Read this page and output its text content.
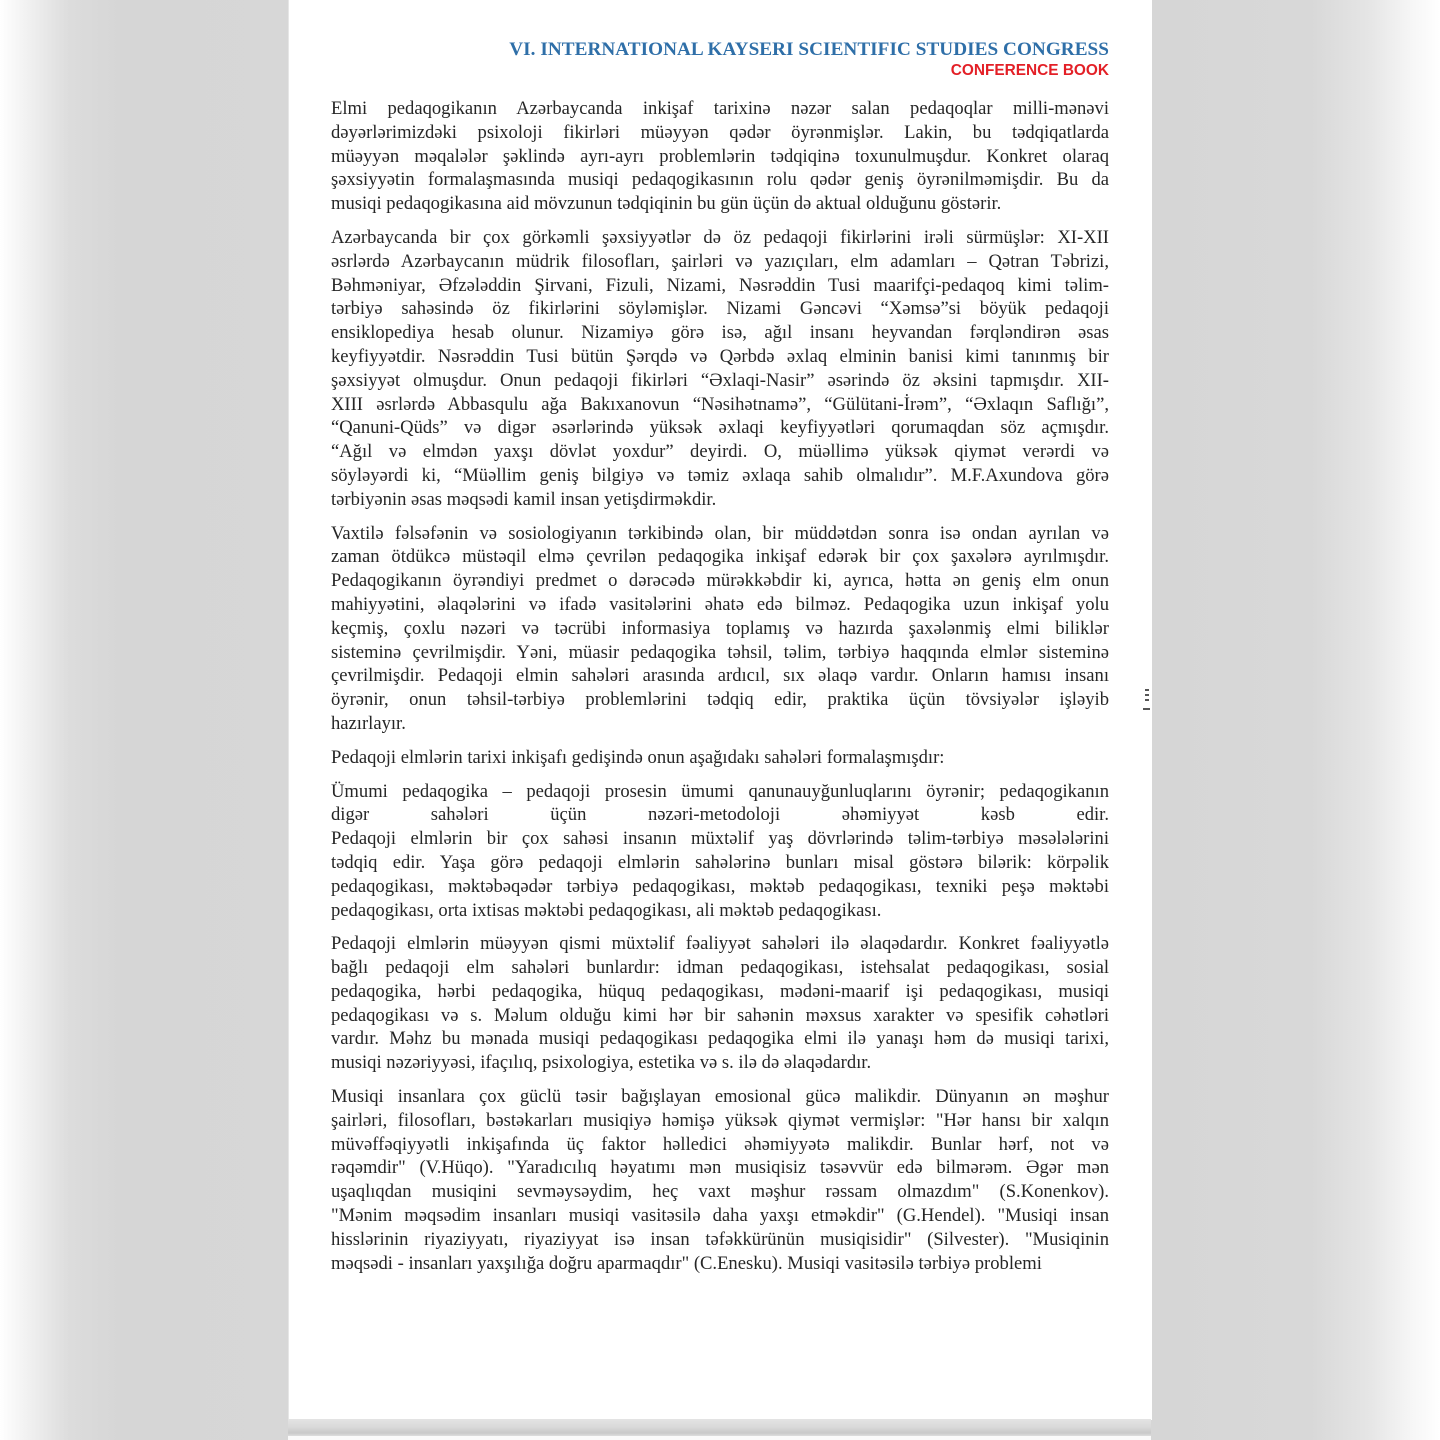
VI. INTERNATIONAL KAYSERI SCIENTIFIC STUDIES CONGRESS
CONFERENCE BOOK
Elmi pedaqogikanın Azərbaycanda inkişaf tarixinə nəzər salan pedaqoqlar milli-mənəvi
dəyərlərimizdəki psixoloji fikirləri müəyyən qədər öyrənmişlər. Lakin, bu tədqiqatlarda
müəyyən məqalələr şəklində ayrı-ayrı problemlərin tədqiqinə toxunulmuşdur. Konkret olaraq
şəxsiyyətin formalaşmasında musiqi pedaqogikasının rolu qədər geniş öyrənilməmişdir. Bu da
musiqi pedaqogikasına aid mövzunun tədqiqinin bu gün üçün də aktual olduğunu göstərir.
Azərbaycanda bir çox görkəmli şəxsiyyətlər də öz pedaqoji fikirlərini irəli sürmüşlər: XI-XII
əsrlərdə Azərbaycanın müdrik filosofları, şairləri və yazıçıları, elm adamları – Qətran Təbrizi,
Bəhməniyar, Əfzələddin Şirvani, Fizuli, Nizami, Nəsrəddin Tusi maarifçi-pedaqoq kimi təlim-
tərbiyə sahəsində öz fikirlərini söyləmişlər. Nizami Gəncəvi “Xəmsə”si böyük pedaqoji
ensiklopediya hesab olunur. Nizamiyə görə isə, ağıl insanı heyvandan fərqləndirən əsas
keyfiyyətdir. Nəsrəddin Tusi bütün Şərqdə və Qərbdə əxlaq elminin banisi kimi tanınmış bir
şəxsiyyət olmuşdur. Onun pedaqoji fikirləri “Əxlaqi-Nasir” əsərində öz əksini tapmışdır. XII-
XIII əsrlərdə Abbasqulu ağa Bakıxanovun “Nəsihətnamə”, “Gülütani-İrəm”, “Əxlaqın Saflığı”,
“Qanuni-Qüds” və digər əsərlərində yüksək əxlaqi keyfiyyətləri qorumaqdan söz açmışdır.
“Ağıl və elmdən yaxşı dövlət yoxdur” deyirdi. O, müəllimə yüksək qiymət verərdi və
söyləyərdi ki, “Müəllim geniş bilgiyə və təmiz əxlaqa sahib olmalıdır”. M.F.Axundova görə
tərbiyənin əsas məqsədi kamil insan yetişdirməkdir.
Vaxtilə fəlsəfənin və sosiologiyanın tərkibində olan, bir müddətdən sonra isə ondan ayrılan və
zaman ötdükcə müstəqil elmə çevrilən pedaqogika inkişaf edərək bir çox şaxələrə ayrılmışdır.
Pedaqogikanın öyrəndiyi predmet o dərəcədə mürəkkəbdir ki, ayrıca, hətta ən geniş elm onun
mahiyyətini, əlaqələrini və ifadə vasitələrini əhatə edə bilməz. Pedaqogika uzun inkişaf yolu
keçmiş, çoxlu nəzəri və təcrübi informasiya toplamış və hazırda şaxələnmiş elmi biliklər
sisteminə çevrilmişdir. Yəni, müasir pedaqogika təhsil, təlim, tərbiyə haqqında elmlər sisteminə
çevrilmişdir. Pedaqoji elmin sahələri arasında ardıcıl, sıx əlaqə vardır. Onların hamısı insanı
öyrənir, onun təhsil-tərbiyə problemlərini tədqiq edir, praktika üçün tövsiyələr işləyib
hazırlayır.
Pedaqoji elmlərin tarixi inkişafı gedişində onun aşağıdakı sahələri formalaşmışdır:
Ümumi pedaqogika – pedaqoji prosesin ümumi qanunauyğunluqlarını öyrənir; pedaqogikanın
digər sahələri üçün nəzəri-metodoloji əhəmiyyət kəsb edir.
Pedaqoji elmlərin bir çox sahəsi insanın müxtəlif yaş dövrlərində təlim-tərbiyə məsələlərini
tədqiq edir. Yaşa görə pedaqoji elmlərin sahələrinə bunları misal göstərə bilərik: körpəlik
pedaqogikası, məktəbəqədər tərbiyə pedaqogikası, məktəb pedaqogikası, texniki peşə məktəbi
pedaqogikası, orta ixtisas məktəbi pedaqogikası, ali məktəb pedaqogikası.
Pedaqoji elmlərin müəyyən qismi müxtəlif fəaliyyət sahələri ilə əlaqədardır. Konkret fəaliyyətlə
bağlı pedaqoji elm sahələri bunlardır: idman pedaqogikası, istehsalat pedaqogikası, sosial
pedaqogika, hərbi pedaqogika, hüquq pedaqogikası, mədəni-maarif işi pedaqogikası, musiqi
pedaqogikası və s. Məlum olduğu kimi hər bir sahənin məxsus xarakter və spesifik cəhətləri
vardır. Məhz bu mənada musiqi pedaqogikası pedaqogika elmi ilə yanaşı həm də musiqi tarixi,
musiqi nəzəriyyəsi, ifaçılıq, psixologiya, estetika və s. ilə də əlaqədardır.
Musiqi insanlara çox güclü təsir bağışlayan emosional gücə malikdir. Dünyanın ən məşhur
şairləri, filosofları, bəstəkarları musiqiyə həmişə yüksək qiymət vermişlər: "Hər hansı bir xalqın
müvəffəqiyyətli inkişafında üç faktor həlledici əhəmiyyətə malikdir. Bunlar hərf, not və
rəqəmdir" (V.Hüqo). "Yaradıcılıq həyatımı mən musiqisiz təsəvvür edə bilmərəm. Əgər mən
uşaqlıqdan musiqini sevməysəydim, heç vaxt məşhur rəssam olmazdım" (S.Konenkov).
"Mənim məqsədim insanları musiqi vasitəsilə daha yaxşı etməkdir" (G.Hendel). "Musiqi insan
hisslərinin riyaziyyatı, riyaziyyat isə insan təfəkkürünün musiqisidir" (Silvester). "Musiqinin
məqsədi - insanları yaxşılığa doğru aparmaqdır" (C.Enesku). Musiqi vasitəsilə tərbiyə problemi
